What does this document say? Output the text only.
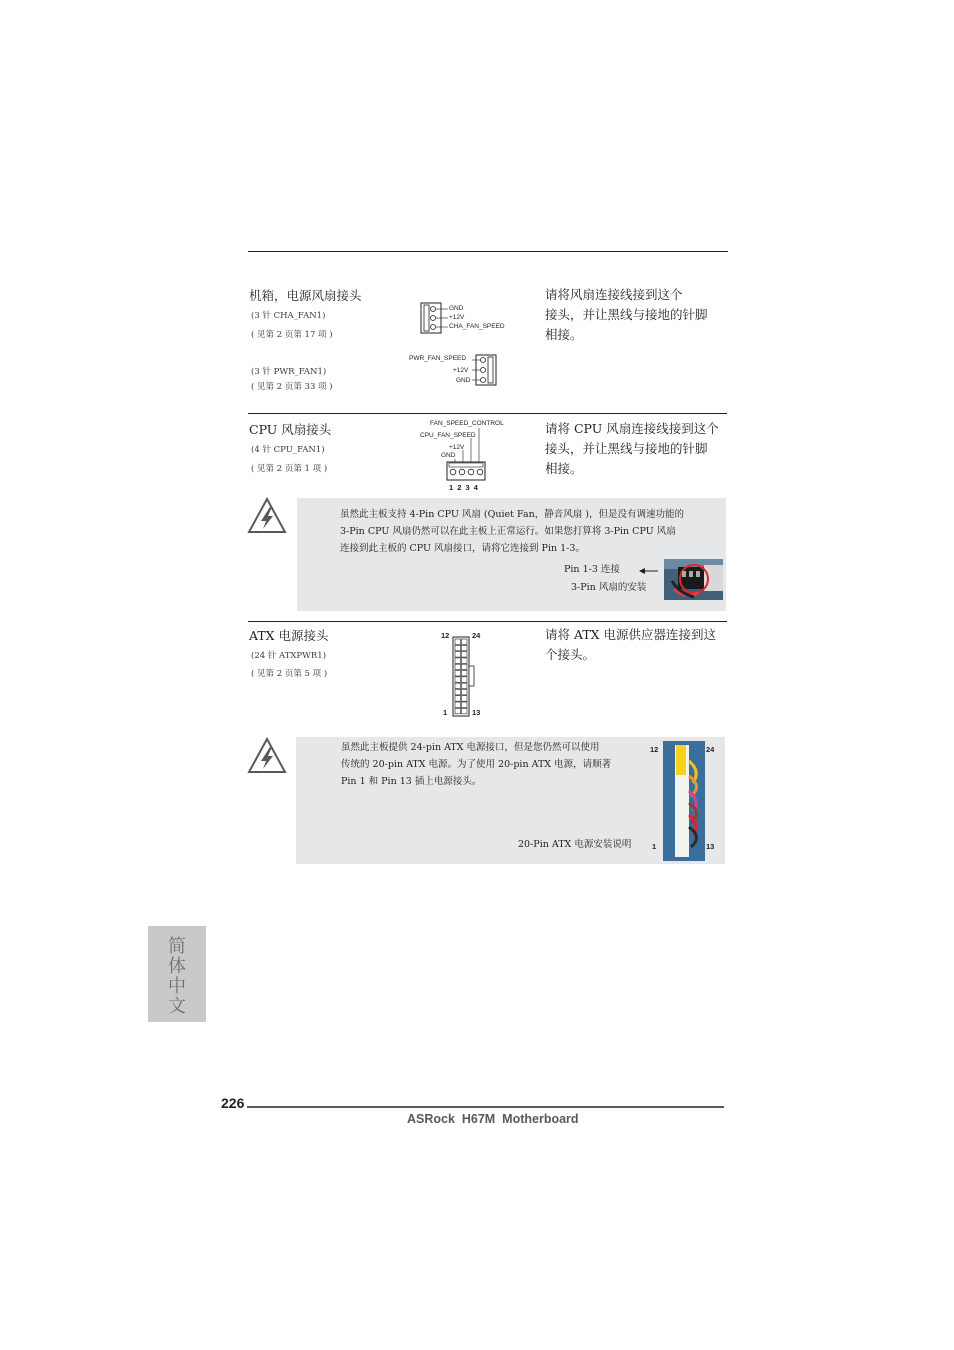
机箱，电源风扇接头
(3 针 CHA_FAN1)
( 见第 2 页第 17 项 )
(3 针 PWR_FAN1)
( 见第 2 页第 33 项 )
请将风扇连接线接到这个
接头，并让黑线与接地的针脚
相接。
GND
+12V
CHA_FAN_SPEED
PWR_FAN_SPEED
+12V
GND
CPU 风扇接头
(4 针 CPU_FAN1)
( 见第 2 页第 1 项 )
请将 CPU 风扇连接线接到这个
接头，并让黑线与接地的针脚
相接。
FAN_SPEED_CONTROL
CPU_FAN_SPEED
+12V
GND
1 2 3 4
虽然此主板支持 4-Pin CPU 风扇 (Quiet Fan，静音风扇 )，但是没有调速功能的
3-Pin CPU 风扇仍然可以在此主板上正常运行。如果您打算将 3-Pin CPU 风扇
连接到此主板的 CPU 风扇接口，请将它连接到 Pin 1-3。
Pin 1-3 连接
3-Pin 风扇的安装
ATX 电源接头
(24 针 ATXPWR1)
( 见第 2 页第 5 项 )
请将 ATX 电源供应器连接到这
个接头。
12	24
1	13
虽然此主板提供 24-pin ATX 电源接口，但是您仍然可以使用
传统的 20-pin ATX 电源。为了使用 20-pin ATX 电源，请顺著
Pin 1 和 Pin 13 插上电源接头。
20-Pin ATX 电源安装说明
12	24
1	13
简体中文
226
ASRock  H67M  Motherboard
